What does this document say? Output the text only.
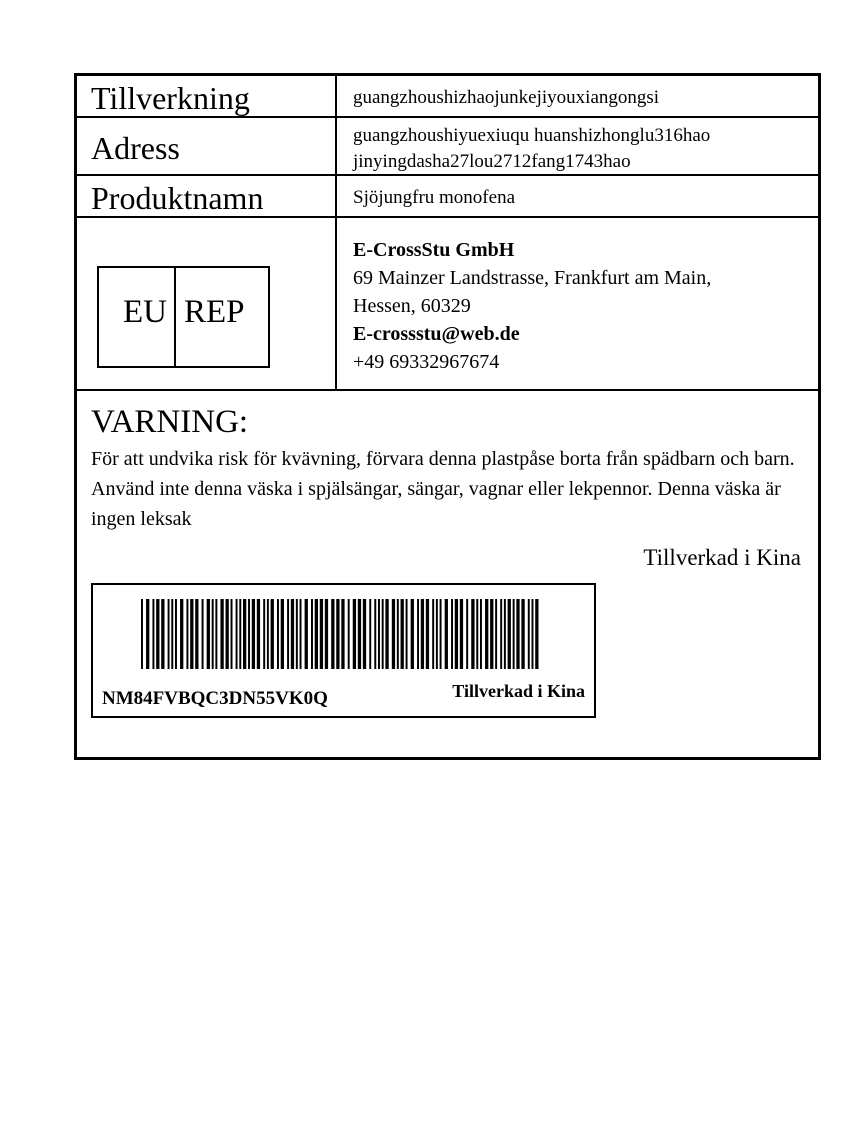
Tillverkning	guangzhoushizhaojunkejiyouxiangongsi
Adress	guangzhoushiyuexiuqu huanshizhonglu316hao
jinyingdasha27lou2712fang1743hao
Produktnamn	Sjöjungfru monofena
EU REP
E-CrossStu GmbH
69 Mainzer Landstrasse, Frankfurt am Main,
Hessen, 60329
E-crossstu@web.de
+49 69332967674
VARNING:
För att undvika risk för kvävning, förvara denna plastpåse borta från spädbarn och barn. Använd inte denna väska i spjälsängar, sängar, vagnar eller lekpennor. Denna väska är ingen leksak
Tillverkad i Kina
NM84FVBQC3DN55VK0Q	Tillverkad i Kina
